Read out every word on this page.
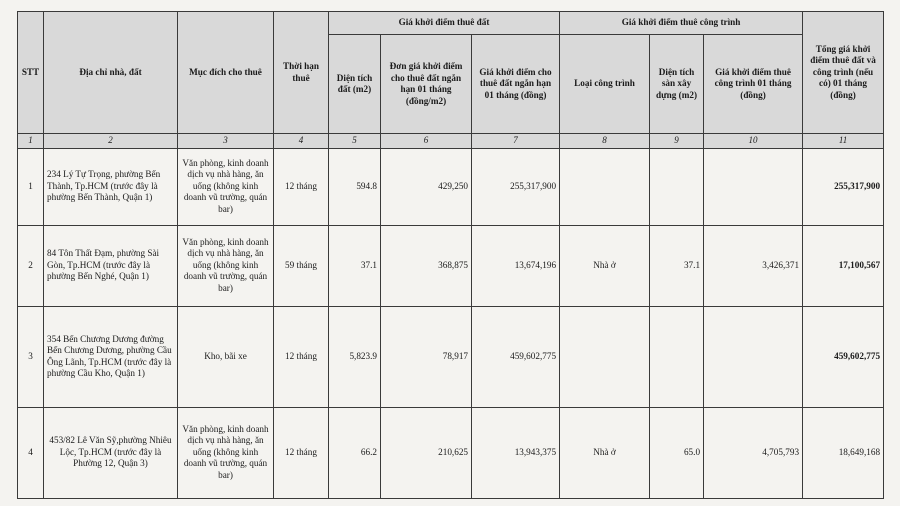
STT	Địa chỉ nhà, đất	Mục đích cho thuê	Thời hạn thuê	Giá khởi điểm thuê đất			Giá khởi điểm thuê công trình			Tổng giá khởi điểm thuê đất và công trình (nếu có) 01 tháng (đồng)
				Diện tích đất (m2)	Đơn giá khởi điểm cho thuê đất ngắn hạn 01 tháng (đồng/m2)	Giá khởi điểm cho thuê đất ngắn hạn 01 tháng (đồng)	Loại công trình	Diện tích sàn xây dựng (m2)	Giá khởi điểm thuê công trình 01 tháng (đồng)	
1	2	3	4	5	6	7	8	9	10	11
1	234 Lý Tự Trọng, phường Bến Thành, Tp.HCM (trước đây là phường Bến Thành, Quận 1)	Văn phòng, kinh doanh dịch vụ nhà hàng, ăn uống (không kinh doanh vũ trường, quán bar)	12 tháng	594.8	429,250	255,317,900				255,317,900
2	84 Tôn Thất Đạm, phường Sài Gòn, Tp.HCM (trước đây là phường Bến Nghé, Quận 1)	Văn phòng, kinh doanh dịch vụ nhà hàng, ăn uống (không kinh doanh vũ trường, quán bar)	59 tháng	37.1	368,875	13,674,196	Nhà ở	37.1	3,426,371	17,100,567
3	354 Bến Chương Dương đường Bến Chương Dương, phường Cầu Ông Lãnh, Tp.HCM (trước đây là phường Cầu Kho, Quận 1)	Kho, bãi xe	12 tháng	5,823.9	78,917	459,602,775				459,602,775
4	453/82 Lê Văn Sỹ,phường Nhiêu Lộc, Tp.HCM (trước đây là Phường 12, Quận 3)	Văn phòng, kinh doanh dịch vụ nhà hàng, ăn uống (không kinh doanh vũ trường, quán bar)	12 tháng	66.2	210,625	13,943,375	Nhà ở	65.0	4,705,793	18,649,168
